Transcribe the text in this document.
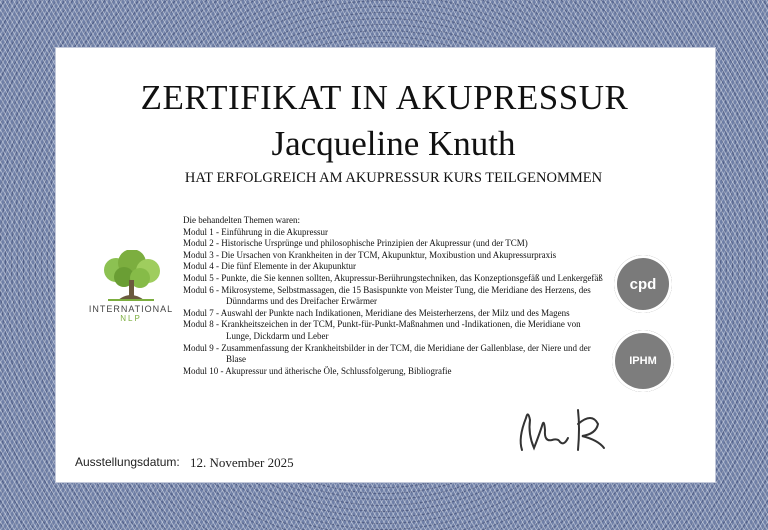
ZERTIFIKAT IN AKUPRESSUR
Jacqueline Knuth

HAT ERFOLGREICH AM AKUPRESSUR KURS TEILGENOMMEN

INTERNATIONAL
NLP

Die behandelten Themen waren:

Modul 1 - Einführung in die Akupressur

Modul 2 - Historische Ursprünge und philosophische Prinzipien der Akupressur (und der TCM)

Modul 3 - Die Ursachen von Krankheiten in der TCM, Akupunktur, Moxibustion und Akupressurpraxis

Modul 4 - Die fünf Elemente in der Akupunktur

Modul 5 - Punkte, die Sie kennen sollten, Akupressur-Berührungstechniken, das Konzeptionsgefäß und Lenkergefäß

Modul 6 - Mikrosysteme, Selbstmassagen, die 15 Basispunkte von Meister Tung, die Meridiane des Herzens, des Dünndarms und des Dreifacher Erwärmer

Modul 7 - Auswahl der Punkte nach Indikationen, Meridiane des Meisterherzens, der Milz und des Magens

Modul 8 - Krankheitszeichen in der TCM, Punkt-für-Punkt-Maßnahmen und -Indikationen, die Meridiane von Lunge, Dickdarm und Leber

Modul 9 - Zusammenfassung der Krankheitsbilder in der TCM, die Meridiane der Gallenblase, der Niere und der Blase

Modul 10 - Akupressur und ätherische Öle, Schlussfolgerung, Bibliografie

cpd
IPHM
Ausstellungsdatum: 12. November 2025
